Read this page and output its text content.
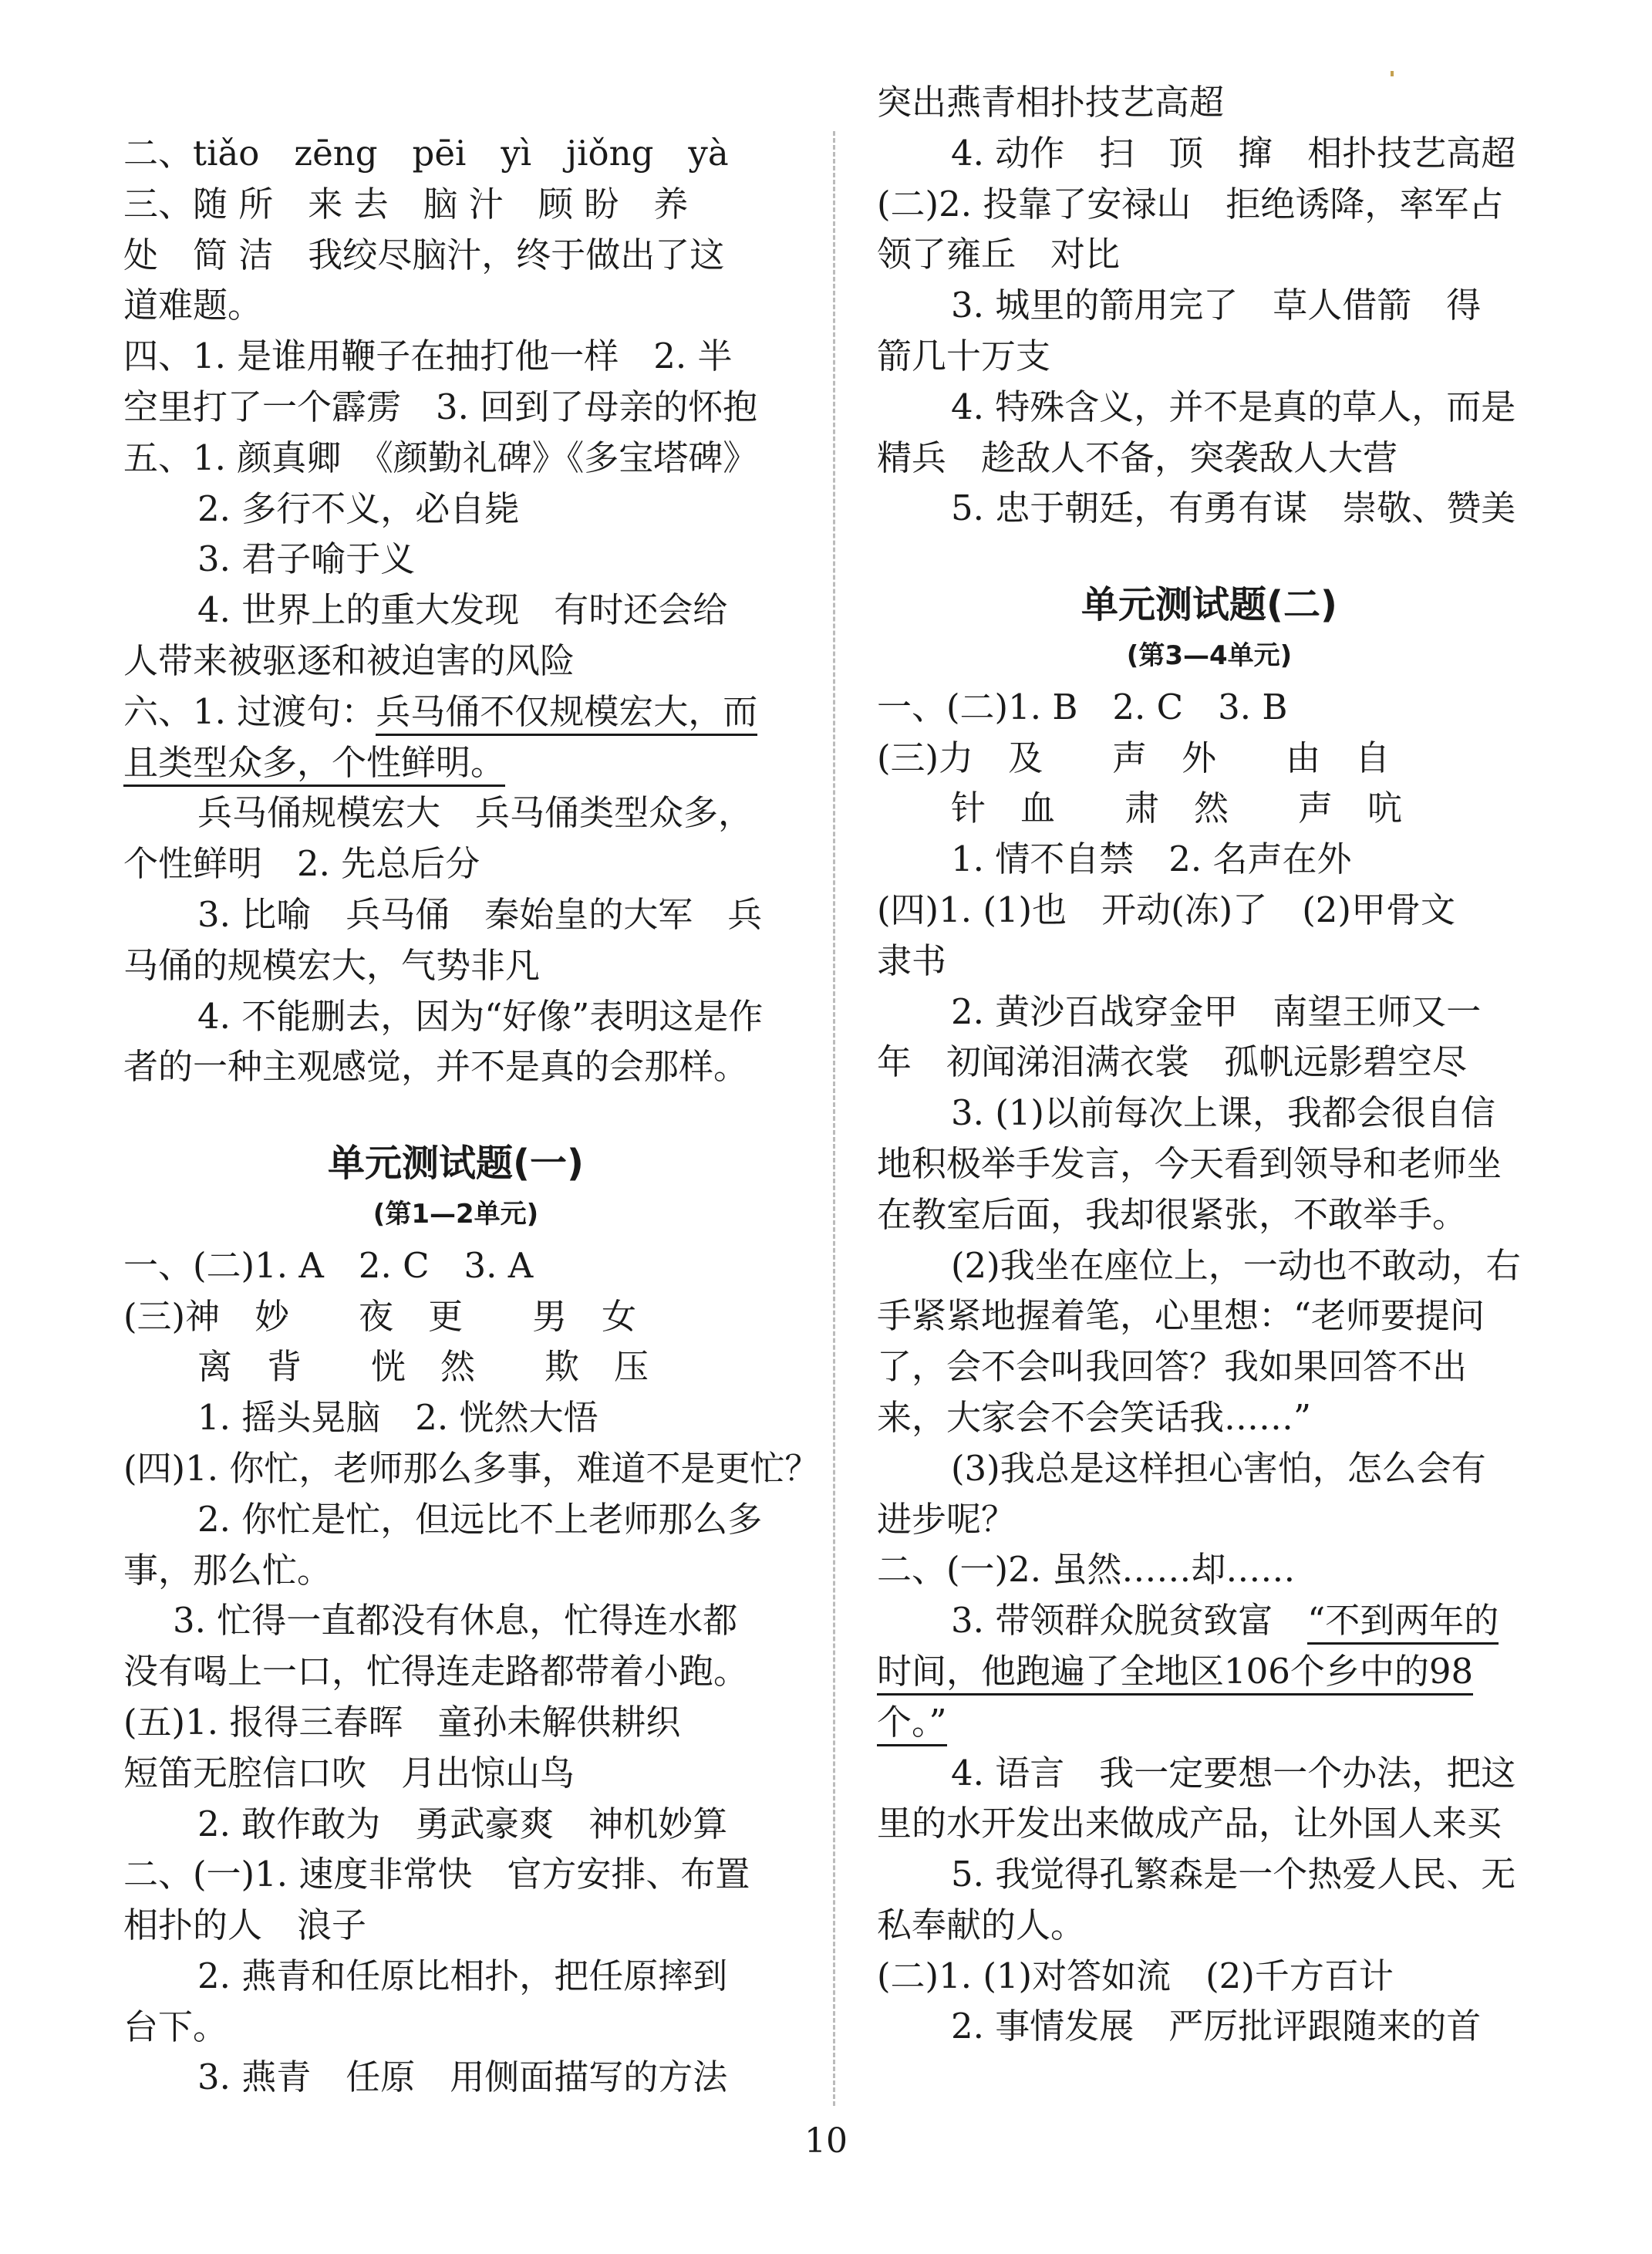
二、tiǎo　zēng　pēi　yì　jiǒng　yà
三、随 所　来 去　脑 汁　顾 盼　养
处　简 洁　我绞尽脑汁，终于做出了这
道难题。
四、1. 是谁用鞭子在抽打他一样　2. 半
空里打了一个霹雳　3. 回到了母亲的怀抱
五、1. 颜真卿　《颜勤礼碑》《多宝塔碑》
2. 多行不义，必自毙
3. 君子喻于义
4. 世界上的重大发现　有时还会给
人带来被驱逐和被迫害的风险
六、1. 过渡句：兵马俑不仅规模宏大，而
且类型众多，个性鲜明。
兵马俑规模宏大　兵马俑类型众多，
个性鲜明　2. 先总后分
3. 比喻　兵马俑　秦始皇的大军　兵
马俑的规模宏大，气势非凡
4. 不能删去，因为“好像”表明这是作
者的一种主观感觉，并不是真的会那样。
单元测试题(一)
(第1—2单元)
一、(二)1. A　2. C　3. A
(三)神　妙　　夜　更　　男　女
离　背　　恍　然　　欺　压
1. 摇头晃脑　2. 恍然大悟
(四)1. 你忙，老师那么多事，难道不是更忙？
2. 你忙是忙，但远比不上老师那么多
事，那么忙。
3. 忙得一直都没有休息，忙得连水都
没有喝上一口，忙得连走路都带着小跑。
(五)1. 报得三春晖　童孙未解供耕织
短笛无腔信口吹　月出惊山鸟
2. 敢作敢为　勇武豪爽　神机妙算
二、(一)1. 速度非常快　官方安排、布置
相扑的人　浪子
2. 燕青和任原比相扑，把任原摔到
台下。
3. 燕青　任原　用侧面描写的方法
突出燕青相扑技艺高超
4. 动作　扫　顶　撺　相扑技艺高超
(二)2. 投靠了安禄山　拒绝诱降，率军占
领了雍丘　对比
3. 城里的箭用完了　草人借箭　得
箭几十万支
4. 特殊含义，并不是真的草人，而是
精兵　趁敌人不备，突袭敌人大营
5. 忠于朝廷，有勇有谋　崇敬、赞美
单元测试题(二)
(第3—4单元)
一、(二)1. B　2. C　3. B
(三)力　及　　声　外　　由　自
针　血　　肃　然　　声　吭
1. 情不自禁　2. 名声在外
(四)1. (1)也　开动(冻)了　(2)甲骨文
隶书
2. 黄沙百战穿金甲　南望王师又一
年　初闻涕泪满衣裳　孤帆远影碧空尽
3. (1)以前每次上课，我都会很自信
地积极举手发言，今天看到领导和老师坐
在教室后面，我却很紧张，不敢举手。
(2)我坐在座位上，一动也不敢动，右
手紧紧地握着笔，心里想：“老师要提问
了，会不会叫我回答？我如果回答不出
来，大家会不会笑话我……”
(3)我总是这样担心害怕，怎么会有
进步呢？
二、(一)2. 虽然……却……
3. 带领群众脱贫致富　“不到两年的
时间，他跑遍了全地区106个乡中的98
个。”
4. 语言　我一定要想一个办法，把这
里的水开发出来做成产品，让外国人来买
5. 我觉得孔繁森是一个热爱人民、无
私奉献的人。
(二)1. (1)对答如流　(2)千方百计
2. 事情发展　严厉批评跟随来的首
10
